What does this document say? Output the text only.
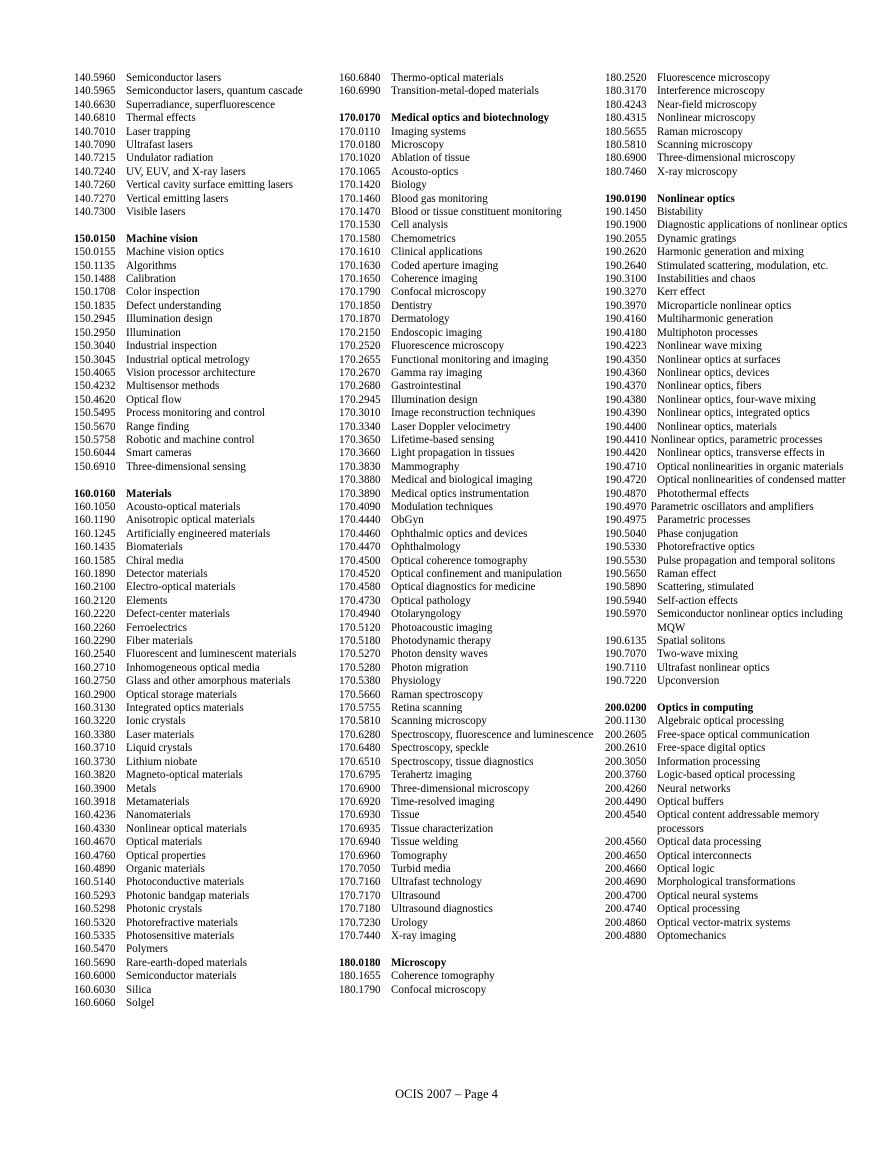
140.5960 Semiconductor lasers
140.5965 Semiconductor lasers, quantum cascade
140.6630 Superradiance, superfluorescence
140.6810 Thermal effects
140.7010 Laser trapping
140.7090 Ultrafast lasers
140.7215 Undulator radiation
140.7240 UV, EUV, and X-ray lasers
140.7260 Vertical cavity surface emitting lasers
140.7270 Vertical emitting lasers
140.7300 Visible lasers
150.0150 Machine vision
150.0155 Machine vision optics
150.1135 Algorithms
150.1488 Calibration
150.1708 Color inspection
150.1835 Defect understanding
150.2945 Illumination design
150.2950 Illumination
150.3040 Industrial inspection
150.3045 Industrial optical metrology
150.4065 Vision processor architecture
150.4232 Multisensor methods
150.4620 Optical flow
150.5495 Process monitoring and control
150.5670 Range finding
150.5758 Robotic and machine control
150.6044 Smart cameras
150.6910 Three-dimensional sensing
160.0160 Materials
160.1050 Acousto-optical materials
160.1190 Anisotropic optical materials
160.1245 Artificially engineered materials
160.1435 Biomaterials
160.1585 Chiral media
160.1890 Detector materials
160.2100 Electro-optical materials
160.2120 Elements
160.2220 Defect-center materials
160.2260 Ferroelectrics
160.2290 Fiber materials
160.2540 Fluorescent and luminescent materials
160.2710 Inhomogeneous optical media
160.2750 Glass and other amorphous materials
160.2900 Optical storage materials
160.3130 Integrated optics materials
160.3220 Ionic crystals
160.3380 Laser materials
160.3710 Liquid crystals
160.3730 Lithium niobate
160.3820 Magneto-optical materials
160.3900 Metals
160.3918 Metamaterials
160.4236 Nanomaterials
160.4330 Nonlinear optical materials
160.4670 Optical materials
160.4760 Optical properties
160.4890 Organic materials
160.5140 Photoconductive materials
160.5293 Photonic bandgap materials
160.5298 Photonic crystals
160.5320 Photorefractive materials
160.5335 Photosensitive materials
160.5470 Polymers
160.5690 Rare-earth-doped materials
160.6000 Semiconductor materials
160.6030 Silica
160.6060 Solgel
160.6840 Thermo-optical materials
160.6990 Transition-metal-doped materials
170.0170 Medical optics and biotechnology
170.0110 Imaging systems
170.0180 Microscopy
170.1020 Ablation of tissue
170.1065 Acousto-optics
170.1420 Biology
170.1460 Blood gas monitoring
170.1470 Blood or tissue constituent monitoring
170.1530 Cell analysis
170.1580 Chemometrics
170.1610 Clinical applications
170.1630 Coded aperture imaging
170.1650 Coherence imaging
170.1790 Confocal microscopy
170.1850 Dentistry
170.1870 Dermatology
170.2150 Endoscopic imaging
170.2520 Fluorescence microscopy
170.2655 Functional monitoring and imaging
170.2670 Gamma ray imaging
170.2680 Gastrointestinal
170.2945 Illumination design
170.3010 Image reconstruction techniques
170.3340 Laser Doppler velocimetry
170.3650 Lifetime-based sensing
170.3660 Light propagation in tissues
170.3830 Mammography
170.3880 Medical and biological imaging
170.3890 Medical optics instrumentation
170.4090 Modulation techniques
170.4440 ObGyn
170.4460 Ophthalmic optics and devices
170.4470 Ophthalmology
170.4500 Optical coherence tomography
170.4520 Optical confinement and manipulation
170.4580 Optical diagnostics for medicine
170.4730 Optical pathology
170.4940 Otolaryngology
170.5120 Photoacoustic imaging
170.5180 Photodynamic therapy
170.5270 Photon density waves
170.5280 Photon migration
170.5380 Physiology
170.5660 Raman spectroscopy
170.5755 Retina scanning
170.5810 Scanning microscopy
170.6280 Spectroscopy, fluorescence and luminescence
170.6480 Spectroscopy, speckle
170.6510 Spectroscopy, tissue diagnostics
170.6795 Terahertz imaging
170.6900 Three-dimensional microscopy
170.6920 Time-resolved imaging
170.6930 Tissue
170.6935 Tissue characterization
170.6940 Tissue welding
170.6960 Tomography
170.7050 Turbid media
170.7160 Ultrafast technology
170.7170 Ultrasound
170.7180 Ultrasound diagnostics
170.7230 Urology
170.7440 X-ray imaging
180.0180 Microscopy
180.1655 Coherence tomography
180.1790 Confocal microscopy
180.2520 Fluorescence microscopy
180.3170 Interference microscopy
180.4243 Near-field microscopy
180.4315 Nonlinear microscopy
180.5655 Raman microscopy
180.5810 Scanning microscopy
180.6900 Three-dimensional microscopy
180.7460 X-ray microscopy
190.0190 Nonlinear optics
190.1450 Bistability
190.1900 Diagnostic applications of nonlinear optics
190.2055 Dynamic gratings
190.2620 Harmonic generation and mixing
190.2640 Stimulated scattering, modulation, etc.
190.3100 Instabilities and chaos
190.3270 Kerr effect
190.3970 Microparticle nonlinear optics
190.4160 Multiharmonic generation
190.4180 Multiphoton processes
190.4223 Nonlinear wave mixing
190.4350 Nonlinear optics at surfaces
190.4360 Nonlinear optics, devices
190.4370 Nonlinear optics, fibers
190.4380 Nonlinear optics, four-wave mixing
190.4390 Nonlinear optics, integrated optics
190.4400 Nonlinear optics, materials
190.4410 Nonlinear optics, parametric processes
190.4420 Nonlinear optics, transverse effects in
190.4710 Optical nonlinearities in organic materials
190.4720 Optical nonlinearities of condensed matter
190.4870 Photothermal effects
190.4970 Parametric oscillators and amplifiers
190.4975 Parametric processes
190.5040 Phase conjugation
190.5330 Photorefractive optics
190.5530 Pulse propagation and temporal solitons
190.5650 Raman effect
190.5890 Scattering, stimulated
190.5940 Self-action effects
190.5970 Semiconductor nonlinear optics including MQW
190.6135 Spatial solitons
190.7070 Two-wave mixing
190.7110 Ultrafast nonlinear optics
190.7220 Upconversion
200.0200 Optics in computing
200.1130 Algebraic optical processing
200.2605 Free-space optical communication
200.2610 Free-space digital optics
200.3050 Information processing
200.3760 Logic-based optical processing
200.4260 Neural networks
200.4490 Optical buffers
200.4540 Optical content addressable memory processors
200.4560 Optical data processing
200.4650 Optical interconnects
200.4660 Optical logic
200.4690 Morphological transformations
200.4700 Optical neural systems
200.4740 Optical processing
200.4860 Optical vector-matrix systems
200.4880 Optomechanics
OCIS 2007 – Page 4
